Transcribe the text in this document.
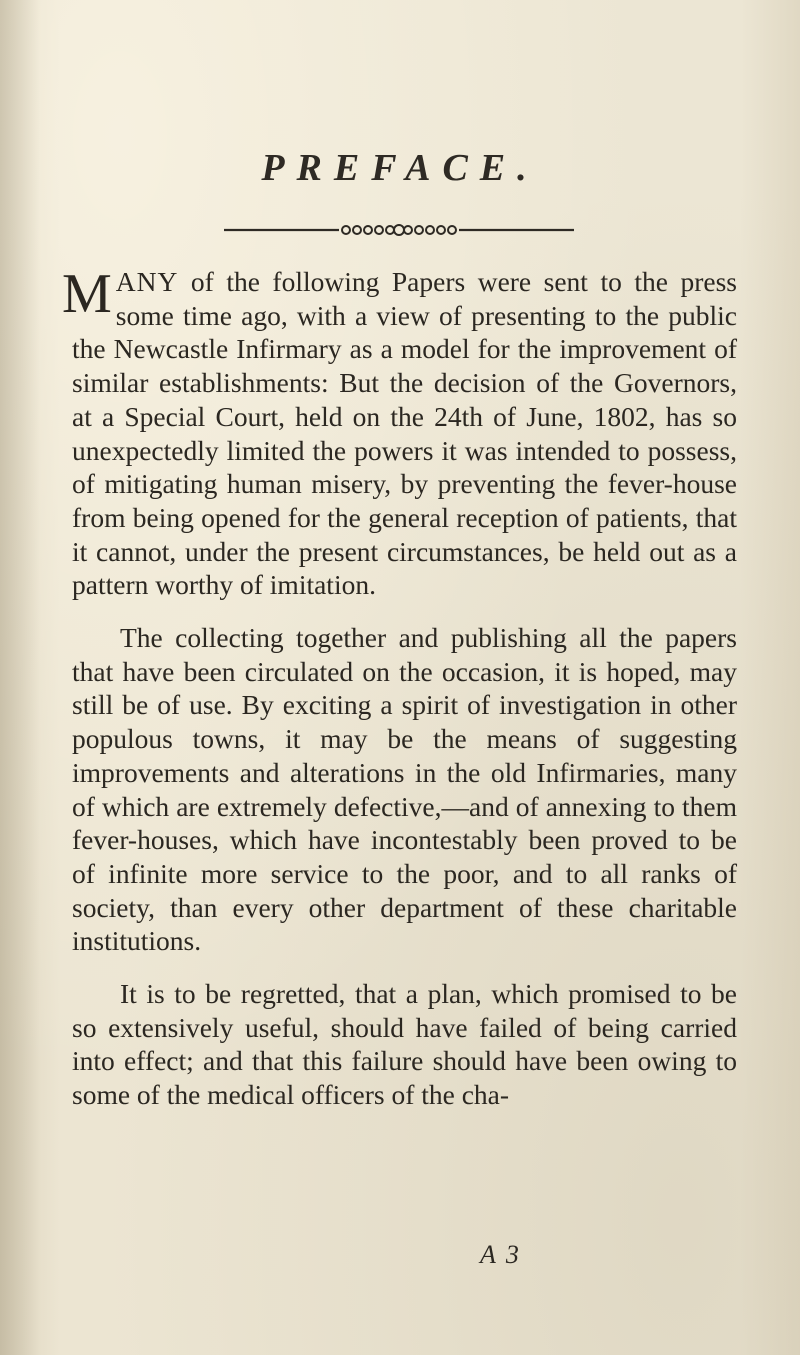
PREFACE.

MANY of the following Papers were sent to the press some time ago, with a view of presenting to the public the Newcastle Infirmary as a model for the improvement of similar establishments: But the decision of the Governors, at a Special Court, held on the 24th of June, 1802, has so unexpectedly limited the powers it was intended to possess, of mitigating human misery, by preventing the fever-house from being opened for the general reception of patients, that it cannot, under the present circumstances, be held out as a pattern worthy of imitation.

The collecting together and publishing all the papers that have been circulated on the occasion, it is hoped, may still be of use. By exciting a spirit of investigation in other populous towns, it may be the means of suggesting improvements and alterations in the old Infirmaries, many of which are extremely defective,—and of annexing to them fever-houses, which have incontestably been proved to be of infinite more service to the poor, and to all ranks of society, than every other department of these charitable institutions.

It is to be regretted, that a plan, which promised to be so extensively useful, should have failed of being carried into effect; and that this failure should have been owing to some of the medical officers of the cha-

A 3
